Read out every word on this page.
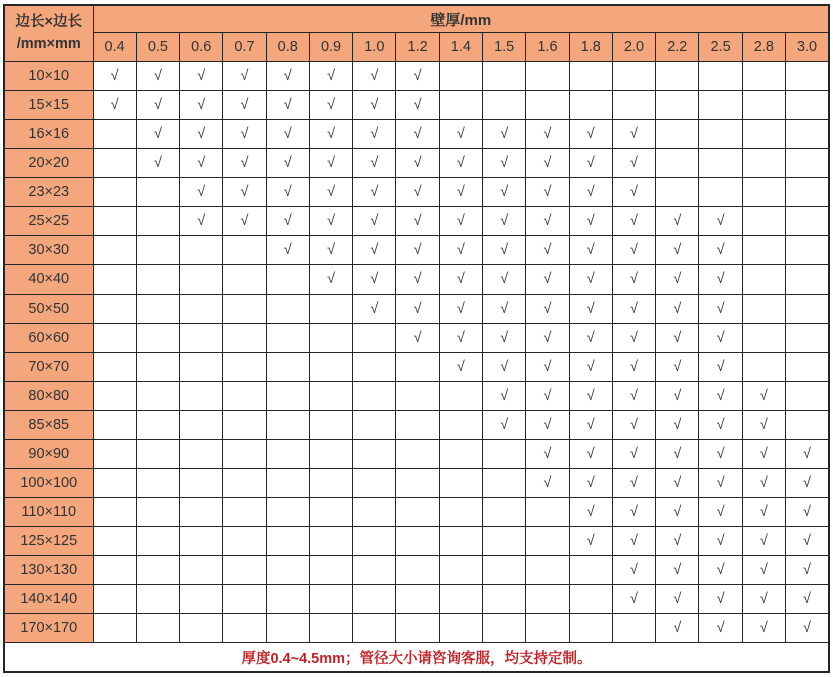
边长×边长
/mm×mm	壁厚/mm																
	0.4	0.5	0.6	0.7	0.8	0.9	1.0	1.2	1.4	1.5	1.6	1.8	2.0	2.2	2.5	2.8	3.0
10×10	√	√	√	√	√	√	√	√									
15×15	√	√	√	√	√	√	√	√									
16×16		√	√	√	√	√	√	√	√	√	√	√	√				
20×20		√	√	√	√	√	√	√	√	√	√	√	√				
23×23			√	√	√	√	√	√	√	√	√	√	√				
25×25			√	√	√	√	√	√	√	√	√	√	√	√	√		
30×30					√	√	√	√	√	√	√	√	√	√	√		
40×40						√	√	√	√	√	√	√	√	√	√		
50×50							√	√	√	√	√	√	√	√	√		
60×60								√	√	√	√	√	√	√	√		
70×70									√	√	√	√	√	√	√		
80×80										√	√	√	√	√	√	√	
85×85										√	√	√	√	√	√	√	
90×90											√	√	√	√	√	√	√
100×100											√	√	√	√	√	√	√
110×110												√	√	√	√	√	√
125×125												√	√	√	√	√	√
130×130													√	√	√	√	√
140×140													√	√	√	√	√
170×170														√	√	√	√
厚度0.4~4.5mm；管径大小请咨询客服，均支持定制。																	
